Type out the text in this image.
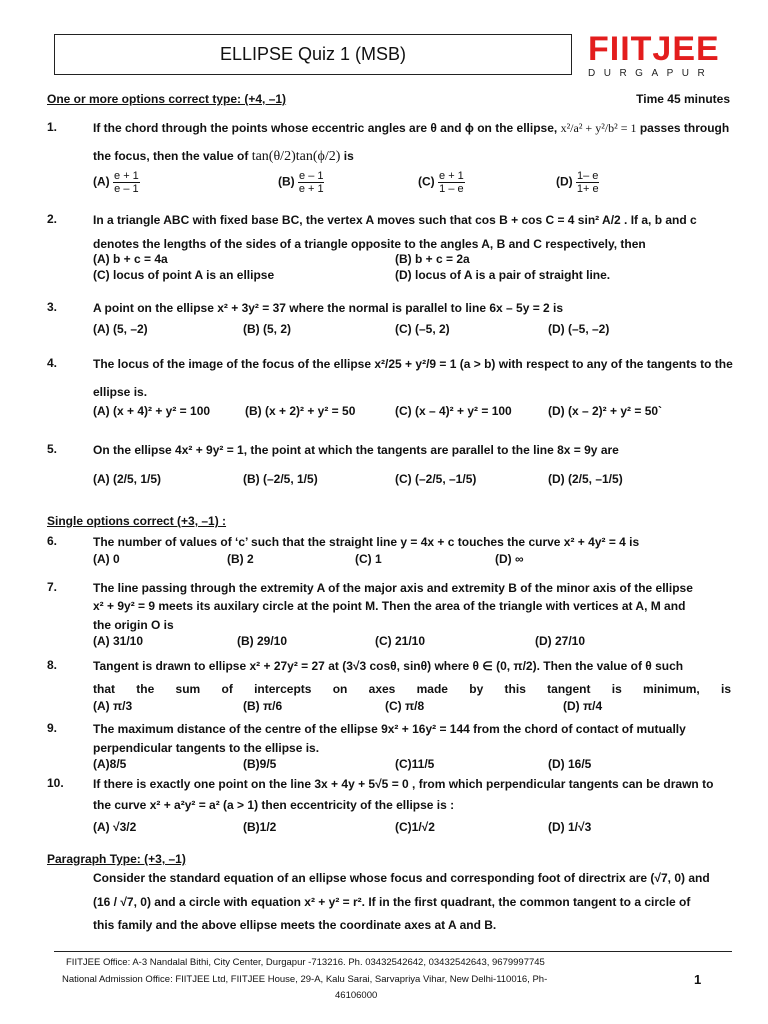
ELLIPSE Quiz 1 (MSB)	FIITJEE
DURGAPUR
One or more options correct type: (+4, –1)	Time 45 minutes
1.	If the chord through the points whose eccentric angles are θ and ϕ on the ellipse, x²/a² + y²/b² = 1 passes through
the focus, then the value of tan(θ/2)tan(ϕ/2) is
$(A) \frac{e + 1}{e - 1}$	$(B) \frac{e - 1}{e + 1}$	$(C) \frac{e + 1}{1 - e}$	$(D) \frac{1- e}{1+ e}$
2.	In a triangle ABC with fixed base BC, the vertex A moves such that cos B + cos C = 4 sin² A/2 . If a, b and c
denotes the lengths of the sides of a triangle opposite to the angles A, B and C respectively, then
(A) b + c = 4a	(B) b + c = 2a
(C) locus of point A is an ellipse	(D) locus of A is a pair of straight line.
3.	A point on the ellipse x² + 3y² = 37 where the normal is parallel to line 6x – 5y = 2 is
(A) (5, –2)	(B) (5, 2)	(C) (–5, 2)	(D) (–5, –2)
4.	The locus of the image of the focus of the ellipse x²/25 + y²/9 = 1 (a > b) with respect to any of the tangents to the
ellipse is.
(A) (x + 4)² + y² = 100	(B) (x + 2)² + y² = 50	(C) (x – 4)² + y² = 100	(D) (x – 2)² + y² = 50`
5.	On the ellipse 4x² + 9y² = 1, the point at which the tangents are parallel to the line 8x = 9y are
(A) (2/5, 1/5)	(B) (–2/5, 1/5)	(C) (–2/5, –1/5)	(D) (2/5, –1/5)
Single options correct (+3, –1) :
6.	The number of values of ‘c’ such that the straight line y = 4x + c touches the curve x² + 4y² = 4 is
(A) 0	(B) 2	(C) 1	(D) ∞
7.	The line passing through the extremity A of the major axis and extremity B of the minor axis of the ellipse
x² + 9y² = 9 meets its auxilary circle at the point M. Then the area of the triangle with vertices at A, M and
the origin O is
(A) 31/10	(B) 29/10	(C) 21/10	(D) 27/10
8.	Tangent is drawn to ellipse x² + 27y² = 27 at (3√3 cosθ, sinθ) where θ ∈ (0, π/2). Then the value of θ such
that the sum of intercepts on axes made by this tangent is minimum, is
(A) π/3	(B) π/6	(C) π/8	(D) π/4
9.	The maximum distance of the centre of the ellipse 9x² + 16y² = 144 from the chord of contact of mutually
perpendicular tangents to the ellipse is.
(A)8/5	(B)9/5	(C)11/5	(D) 16/5
10. If there is exactly one point on the line 3x + 4y + 5√5 = 0 , from which perpendicular tangents can be drawn to
the curve x² + a²y² = a² (a > 1) then eccentricity of the ellipse is :
(A) √3/2	(B)1/2	(C)1/√2	(D) 1/√3
Paragraph Type: (+3, –1)
Consider the standard equation of an ellipse whose focus and corresponding foot of directrix are (√7, 0) and
(16 / √7, 0) and a circle with equation x² + y² = r². If in the first quadrant, the common tangent to a circle of
this family and the above ellipse meets the coordinate axes at A and B.
FIITJEE Office: A-3 Nandalal Bithi, City Center, Durgapur -713216. Ph. 03432542642, 03432542643, 9679997745
National Admission Office: FIITJEE Ltd, FIITJEE House, 29-A, Kalu Sarai, Sarvapriya Vihar, New Delhi-110016, Ph-
46106000
1
